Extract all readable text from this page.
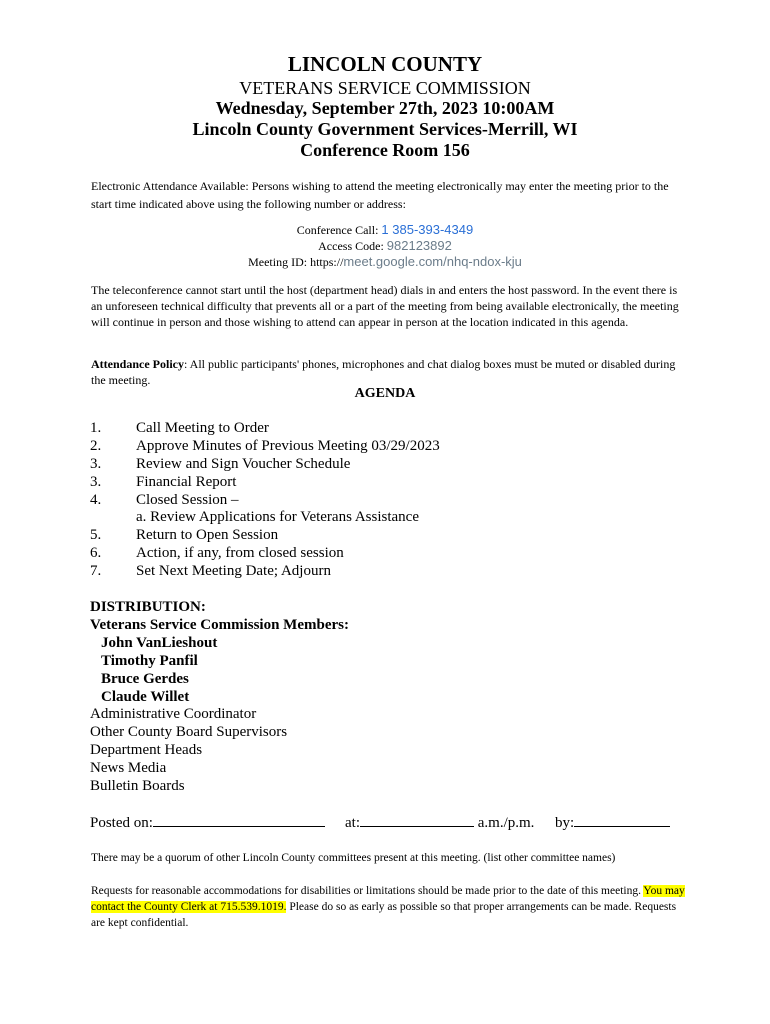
LINCOLN COUNTY
VETERANS SERVICE COMMISSION
Wednesday, September 27th, 2023 10:00AM
Lincoln County Government Services-Merrill, WI
Conference Room 156
Electronic Attendance Available: Persons wishing to attend the meeting electronically may enter the meeting prior to the start time indicated above using the following number or address:
Conference Call: 1 385-393-4349
Access Code: 982123892
Meeting ID: https://meet.google.com/nhq-ndox-kju
The teleconference cannot start until the host (department head) dials in and enters the host password. In the event there is an unforeseen technical difficulty that prevents all or a part of the meeting from being available electronically, the meeting will continue in person and those wishing to attend can appear in person at the location indicated in this agenda.
Attendance Policy: All public participants' phones, microphones and chat dialog boxes must be muted or disabled during the meeting.
AGENDA
1.	Call Meeting to Order
2.	Approve Minutes of Previous Meeting 03/29/2023
3.	Review and Sign Voucher Schedule
3.	Financial Report
4.	Closed Session –
a. Review Applications for Veterans Assistance
5.	Return to Open Session
6.	Action, if any, from closed session
7.	Set Next Meeting Date; Adjourn
DISTRIBUTION:
Veterans Service Commission Members:
John VanLieshout
Timothy Panfil
Bruce Gerdes
Claude Willet
Administrative Coordinator
Other County Board Supervisors
Department Heads
News Media
Bulletin Boards
Posted on:	at:	a.m./p.m. by:
There may be a quorum of other Lincoln County committees present at this meeting. (list other committee names)
Requests for reasonable accommodations for disabilities or limitations should be made prior to the date of this meeting. You may contact the County Clerk at 715.539.1019. Please do so as early as possible so that proper arrangements can be made. Requests are kept confidential.
